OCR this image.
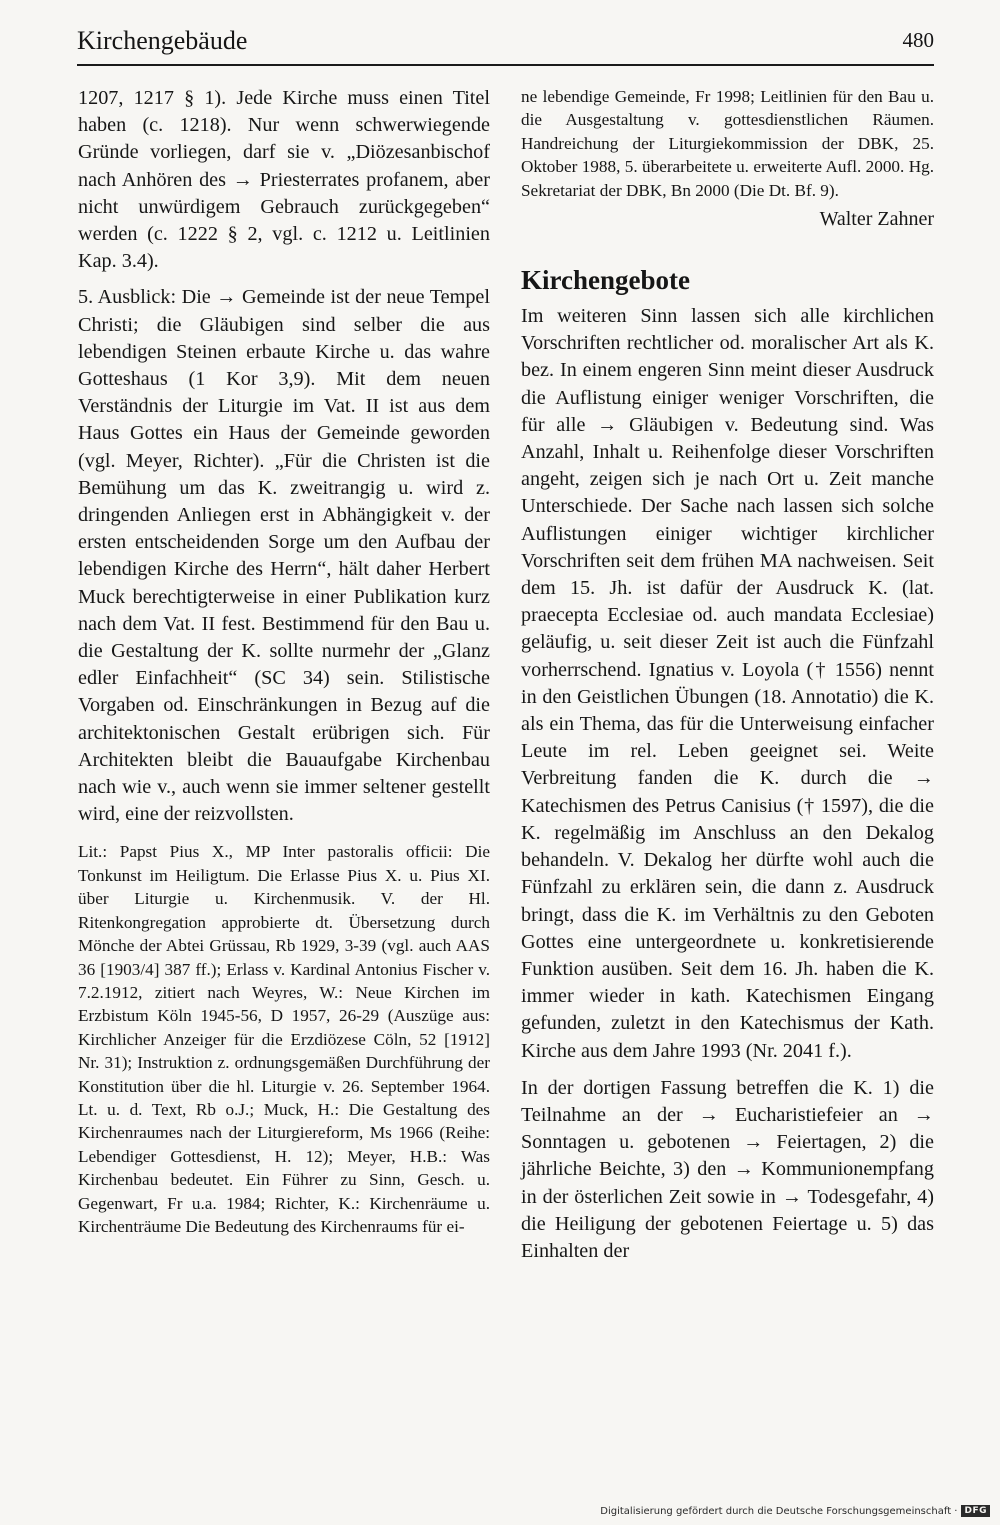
Kirchengebäude	480

1207, 1217 § 1). Jede Kirche muss einen Titel haben (c. 1218). Nur wenn schwerwiegende Gründe vorliegen, darf sie v. „Diözesanbischof nach Anhören des → Priesterrates profanem, aber nicht unwürdigem Gebrauch zurückgegeben“ werden (c. 1222 § 2, vgl. c. 1212 u. Leitlinien Kap. 3.4).

5. Ausblick: Die → Gemeinde ist der neue Tempel Christi; die Gläubigen sind selber die aus lebendigen Steinen erbaute Kirche u. das wahre Gotteshaus (1 Kor 3,9). Mit dem neuen Verständnis der Liturgie im Vat. II ist aus dem Haus Gottes ein Haus der Gemeinde geworden (vgl. Meyer, Richter). „Für die Christen ist die Bemühung um das K. zweitrangig u. wird z. dringenden Anliegen erst in Abhängigkeit v. der ersten entscheidenden Sorge um den Aufbau der lebendigen Kirche des Herrn“, hält daher Herbert Muck berechtigterweise in einer Publikation kurz nach dem Vat. II fest. Bestimmend für den Bau u. die Gestaltung der K. sollte nurmehr der „Glanz edler Einfachheit“ (SC 34) sein. Stilistische Vorgaben od. Einschränkungen in Bezug auf die architektonischen Gestalt erübrigen sich. Für Architekten bleibt die Bauaufgabe Kirchenbau nach wie v., auch wenn sie immer seltener gestellt wird, eine der reizvollsten.

Lit.: Papst Pius X., MP Inter pastoralis officii: Die Tonkunst im Heiligtum. Die Erlasse Pius X. u. Pius XI. über Liturgie u. Kirchenmusik. V. der Hl. Ritenkongregation approbierte dt. Übersetzung durch Mönche der Abtei Grüssau, Rb 1929, 3-39 (vgl. auch AAS 36 [1903/4] 387 ff.); Erlass v. Kardinal Antonius Fischer v. 7.2.1912, zitiert nach Weyres, W.: Neue Kirchen im Erzbistum Köln 1945-56, D 1957, 26-29 (Auszüge aus: Kirchlicher Anzeiger für die Erzdiözese Cöln, 52 [1912] Nr. 31); Instruktion z. ordnungsgemäßen Durchführung der Konstitution über die hl. Liturgie v. 26. September 1964. Lt. u. d. Text, Rb o.J.; Muck, H.: Die Gestaltung des Kirchenraumes nach der Liturgiereform, Ms 1966 (Reihe: Lebendiger Gottesdienst, H. 12); Meyer, H.B.: Was Kirchenbau bedeutet. Ein Führer zu Sinn, Gesch. u. Gegenwart, Fr u.a. 1984; Richter, K.: Kirchenräume u. Kirchenträume Die Bedeutung des Kirchenraums für ei-

ne lebendige Gemeinde, Fr 1998; Leitlinien für den Bau u. die Ausgestaltung v. gottesdienstlichen Räumen. Handreichung der Liturgiekommission der DBK, 25. Oktober 1988, 5. überarbeitete u. erweiterte Aufl. 2000. Hg. Sekretariat der DBK, Bn 2000 (Die Dt. Bf. 9).

Walter Zahner
Kirchengebote

Im weiteren Sinn lassen sich alle kirchlichen Vorschriften rechtlicher od. moralischer Art als K. bez. In einem engeren Sinn meint dieser Ausdruck die Auflistung einiger weniger Vorschriften, die für alle → Gläubigen v. Bedeutung sind. Was Anzahl, Inhalt u. Reihenfolge dieser Vorschriften angeht, zeigen sich je nach Ort u. Zeit manche Unterschiede. Der Sache nach lassen sich solche Auflistungen einiger wichtiger kirchlicher Vorschriften seit dem frühen MA nachweisen. Seit dem 15. Jh. ist dafür der Ausdruck K. (lat. praecepta Ecclesiae od. auch mandata Ecclesiae) geläufig, u. seit dieser Zeit ist auch die Fünfzahl vorherrschend. Ignatius v. Loyola († 1556) nennt in den Geistlichen Übungen (18. Annotatio) die K. als ein Thema, das für die Unterweisung einfacher Leute im rel. Leben geeignet sei. Weite Verbreitung fanden die K. durch die → Katechismen des Petrus Canisius († 1597), die die K. regelmäßig im Anschluss an den Dekalog behandeln. V. Dekalog her dürfte wohl auch die Fünfzahl zu erklären sein, die dann z. Ausdruck bringt, dass die K. im Verhältnis zu den Geboten Gottes eine untergeordnete u. konkretisierende Funktion ausüben. Seit dem 16. Jh. haben die K. immer wieder in kath. Katechismen Eingang gefunden, zuletzt in den Katechismus der Kath. Kirche aus dem Jahre 1993 (Nr. 2041 f.).

In der dortigen Fassung betreffen die K. 1) die Teilnahme an der → Eucharistiefeier an → Sonntagen u. gebotenen → Feiertagen, 2) die jährliche Beichte, 3) den → Kommunionempfang in der österlichen Zeit sowie in → Todesgefahr, 4) die Heiligung der gebotenen Feiertage u. 5) das Einhalten der

Digitalisierung gefördert durch die Deutsche Forschungsgemeinschaft · DFG
